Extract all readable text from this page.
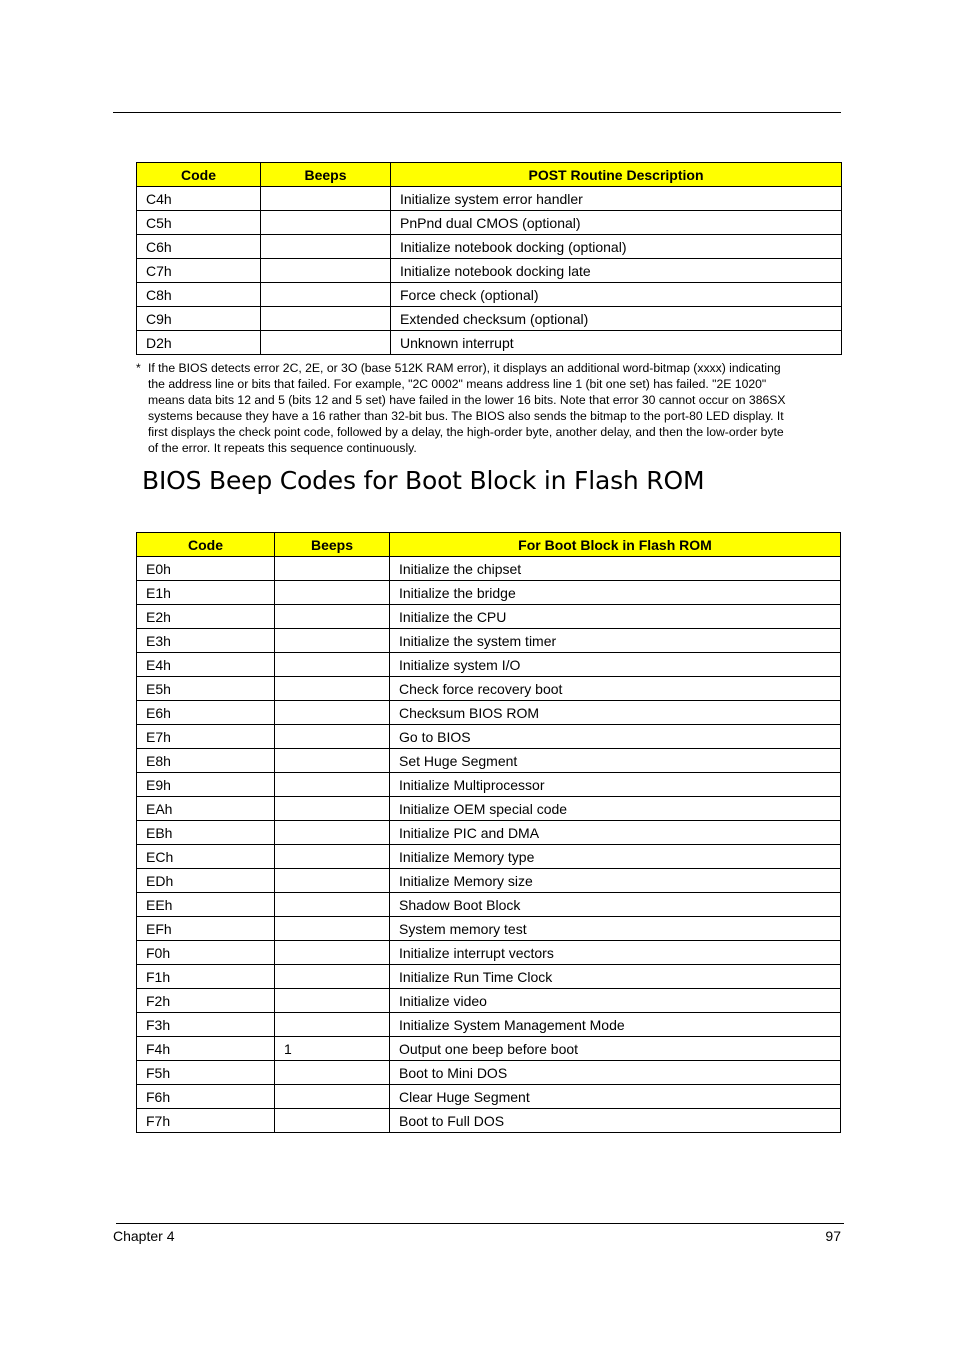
Code	Beeps	POST Routine Description
C4h		Initialize system error handler
C5h		PnPnd dual CMOS (optional)
C6h		Initialize notebook docking (optional)
C7h		Initialize notebook docking late
C8h		Force check (optional)
C9h		Extended checksum (optional)
D2h		Unknown interrupt
* If the BIOS detects error 2C, 2E, or 3O (base 512K RAM error), it displays an additional word-bitmap (xxxx) indicating
the address line or bits that failed. For example, "2C 0002" means address line 1 (bit one set) has failed. "2E 1020"
means data bits 12 and 5 (bits 12 and 5 set) have failed in the lower 16 bits. Note that error 30 cannot occur on 386SX
systems because they have a 16 rather than 32-bit bus. The BIOS also sends the bitmap to the port-80 LED display. It
first displays the check point code, followed by a delay, the high-order byte, another delay, and then the low-order byte
of the error. It repeats this sequence continuously.
BIOS Beep Codes for Boot Block in Flash ROM
Code	Beeps	For Boot Block in Flash ROM
E0h		Initialize the chipset
E1h		Initialize the bridge
E2h		Initialize the CPU
E3h		Initialize the system timer
E4h		Initialize system I/O
E5h		Check force recovery boot
E6h		Checksum BIOS ROM
E7h		Go to BIOS
E8h		Set Huge Segment
E9h		Initialize Multiprocessor
EAh		Initialize OEM special code
EBh		Initialize PIC and DMA
ECh		Initialize Memory type
EDh		Initialize Memory size
EEh		Shadow Boot Block
EFh		System memory test
F0h		Initialize interrupt vectors
F1h		Initialize Run Time Clock
F2h		Initialize video
F3h		Initialize System Management Mode
F4h	1	Output one beep before boot
F5h		Boot to Mini DOS
F6h		Clear Huge Segment
F7h		Boot to Full DOS
Chapter 4	97
